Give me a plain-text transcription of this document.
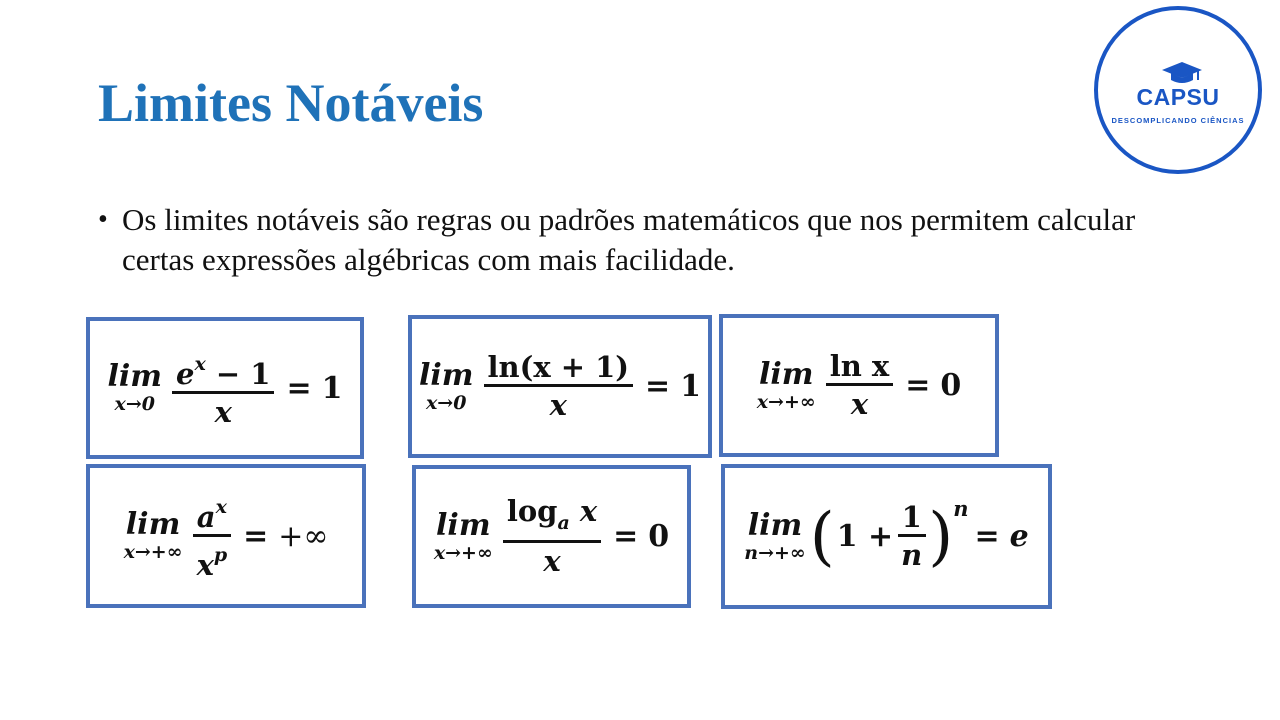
Limites Notáveis	CAPSU
DESCOMPLICANDO CIÊNCIAS
• Os limites notáveis são regras ou padrões matemáticos que nos permitem calcular certas expressões algébricas com mais facilidade.
lim
$x\to 0 \frac{e^x - 1}{x} = 1$	lim
$x\to 0 \frac{\ln(x + 1)}{x} = 1$ lim
$x\to+\infty \frac{\text{ln x}}{x} = 0$
lim
$x\to+\infty \frac{a^x}{x^p}$ = +∞	lim
$x\to+\infty \frac{\log_a x}{x} = 0$	lim
n→+∞ ( $1 + \frac{1}{n}$ ) n
= e
